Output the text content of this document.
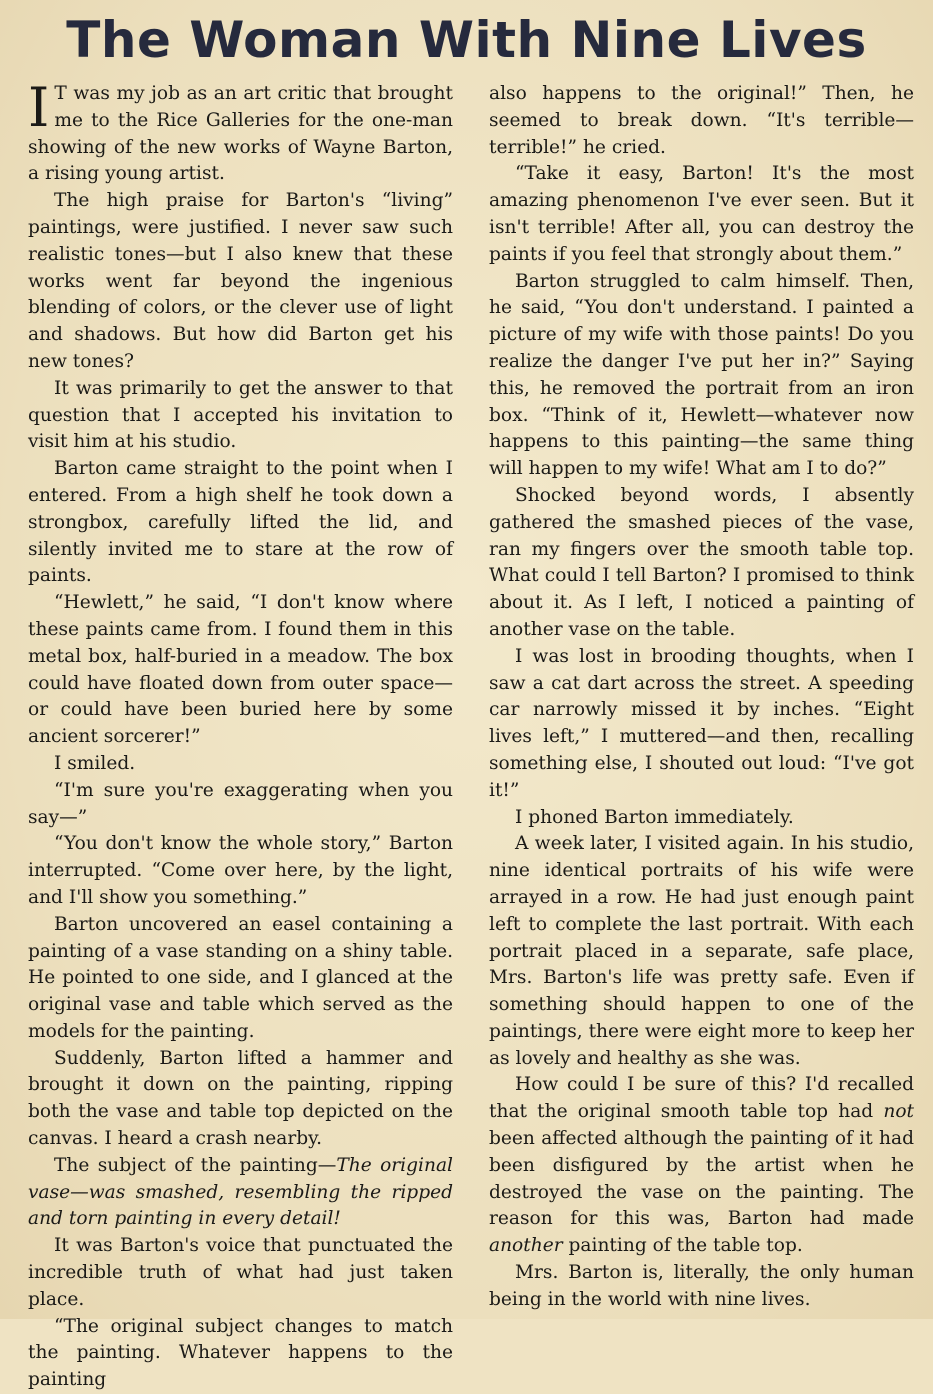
The Woman With Nine Lives

I T was my job as an art critic that brought me to the Rice Galleries for the one-man showing of the new works of Wayne Barton, a rising young artist.

The high praise for Barton's “living” paintings, were justified. I never saw such realistic tones—but I also knew that these works went far beyond the ingenious blending of colors, or the clever use of light and shadows. But how did Barton get his new tones?

It was primarily to get the answer to that question that I accepted his invitation to visit him at his studio.

Barton came straight to the point when I entered. From a high shelf he took down a strongbox, carefully lifted the lid, and silently invited me to stare at the row of paints.

“Hewlett,” he said, “I don't know where these paints came from. I found them in this metal box, half-buried in a meadow. The box could have floated down from outer space—or could have been buried here by some ancient sorcerer!”

I smiled.

“I'm sure you're exaggerating when you say—”

“You don't know the whole story,” Barton interrupted. “Come over here, by the light, and I'll show you something.”

Barton uncovered an easel containing a painting of a vase standing on a shiny table. He pointed to one side, and I glanced at the original vase and table which served as the models for the painting.

Suddenly, Barton lifted a hammer and brought it down on the painting, ripping both the vase and table top depicted on the canvas. I heard a crash nearby.

The subject of the painting—The original vase—was smashed, resembling the ripped and torn painting in every detail!

It was Barton's voice that punctuated the incredible truth of what had just taken place.

“The original subject changes to match the painting. Whatever happens to the painting

also happens to the original!” Then, he seemed to break down. “It's terrible—terrible!” he cried.

“Take it easy, Barton! It's the most amazing phenomenon I've ever seen. But it isn't terrible! After all, you can destroy the paints if you feel that strongly about them.”

Barton struggled to calm himself. Then, he said, “You don't understand. I painted a picture of my wife with those paints! Do you realize the danger I've put her in?” Saying this, he removed the portrait from an iron box. “Think of it, Hewlett—whatever now happens to this painting—the same thing will happen to my wife! What am I to do?”

Shocked beyond words, I absently gathered the smashed pieces of the vase, ran my fingers over the smooth table top. What could I tell Barton? I promised to think about it. As I left, I noticed a painting of another vase on the table.

I was lost in brooding thoughts, when I saw a cat dart across the street. A speeding car narrowly missed it by inches. “Eight lives left,” I muttered—and then, recalling something else, I shouted out loud: “I've got it!”

I phoned Barton immediately.

A week later, I visited again. In his studio, nine identical portraits of his wife were arrayed in a row. He had just enough paint left to complete the last portrait. With each portrait placed in a separate, safe place, Mrs. Barton's life was pretty safe. Even if something should happen to one of the paintings, there were eight more to keep her as lovely and healthy as she was.

How could I be sure of this? I'd recalled that the original smooth table top had not been affected although the painting of it had been disfigured by the artist when he destroyed the vase on the painting. The reason for this was, Barton had made another painting of the table top.

Mrs. Barton is, literally, the only human being in the world with nine lives.
